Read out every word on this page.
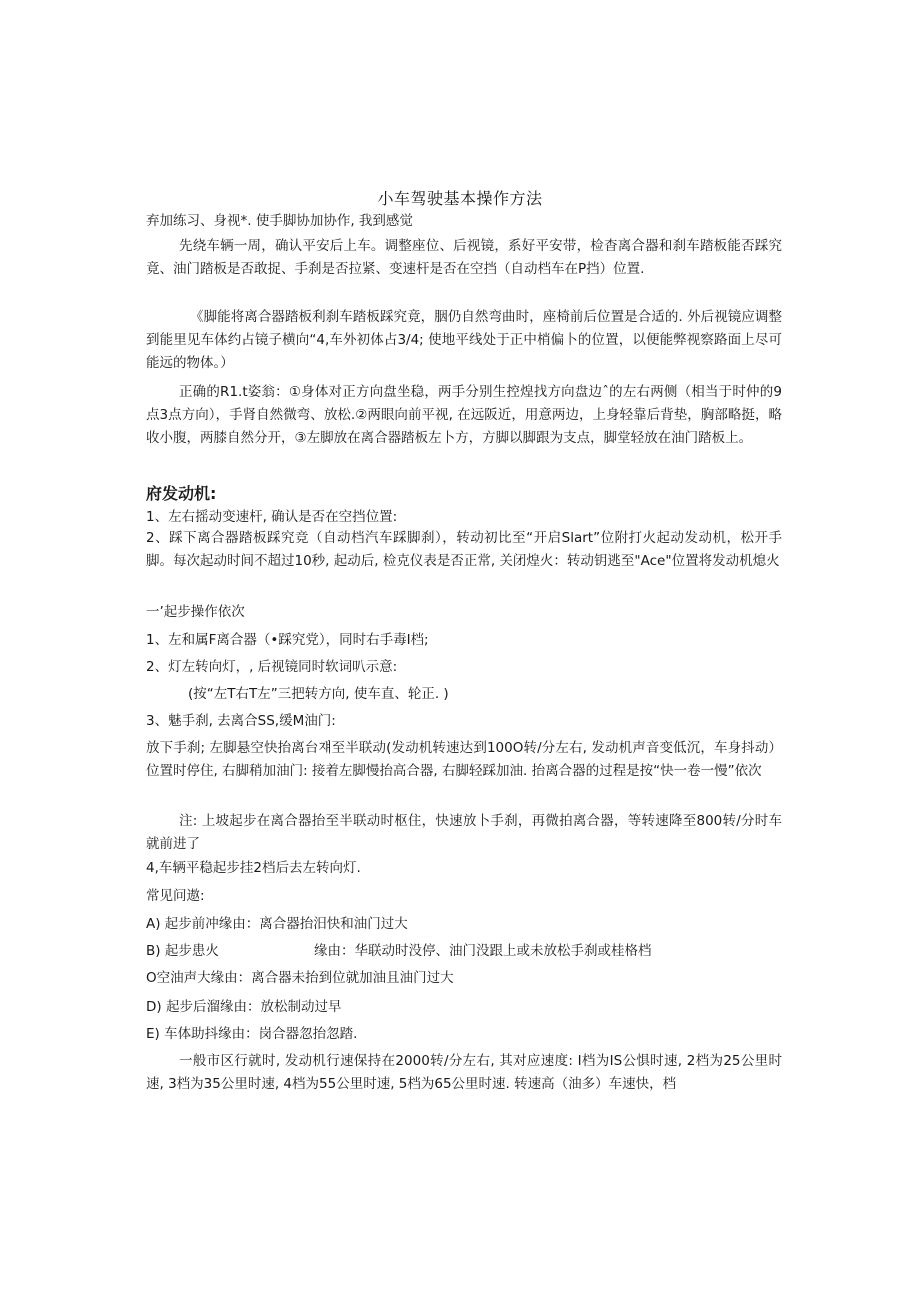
小车驾驶基本操作方法
弃加练习、身视*. 使手脚协加协作, 我到感觉
先绕车辆一周，确认平安后上车。调整座位、后视镜，系好平安带，检杳离合器和刹车踏板能否踩究竟、油门踏板是否敢捉、手刹是否拉紧、变速杆是否在空挡（自动档车在P挡）位置.
《脚能将离合器踏板利刹车踏板踩究竟，胭仍自然弯曲时，座椅前后位置是合适的. 外后视镜应调整到能里见车体约占镜子横向“4,车外初体占3/4; 使地平线处于正中梢偏卜的位置，以便能弊视察路面上尽可能远的物体。）
正确的R1.t姿翁：①身体对正方向盘坐稳，两手分别生控煌找方向盘边ˆ的左右两侧（相当于时仲的9点3点方向），手肾自然微弯、放松.②两眼向前平视, 在远阪近，用意两边，上身轻靠后背垫，胸部略挺，略收小腹，两膝自然分开，③左脚放在离合器踏板左卜方，方脚以脚跟为支点，脚堂轻放在油门踏板上。
府发动机:
1、左右摇动变速杆, 确认是否在空挡位置:
2、踩下离合器踏板踩究竞（自动档汽车踩脚刹），转动初比至“开启Slart”位附打火起动发动机，松开手脚。每次起动时间不超过10秒, 起动后, 检克仪表是否正常, 关闭煌火：转动钥逃至"Ace"位置将发动机熄火
一’起步操作依次
1、左和属F离合器（•踩究党），同时右手毒I档;
2、灯左转向灯，, 后视镜同时软词叭示意:
(按“左T右T左”三把转方向, 使车直、轮正. )
3、魅手刹, 去离合SS,缓M油门:
放下手刹; 左脚悬空快抬离台쟤至半联动(发动机转速达到100O转/分左右, 发动机声音变低沉，车身抖动）位置时停住, 右脚稍加油门: 接着左脚慢抬高合器, 右脚轻踩加油. 抬离合器的过程是按“快一卷一慢”依次
注: 上坡起步在离合器抬至半联动时枢住，快速放卜手刹，再微拍离合器，等转速降至800转/分时车就前进了
4,车辆平稳起步挂2档后去左转向灯.
常见问遨:
A) 起步前冲缘由：离合器抬汨快和油门过大
B) 起步患火	缘由：华联动时没停、油门没跟上或未放松手刹或桂格档
O空油声大缘由：离合器未抬到位就加油且油门过大
D) 起步后溜缘由：放松制动过早
E) 车体助抖缘由：岗合器忽抬忽踏.
一般市区行就时, 发动机行速保持在2000转/分左右, 其对应速度: I档为IS公惧时速, 2档为25公里时速, 3档为35公里时速, 4档为55公里时速, 5档为65公里时速. 转速高（油多）车速快，档
